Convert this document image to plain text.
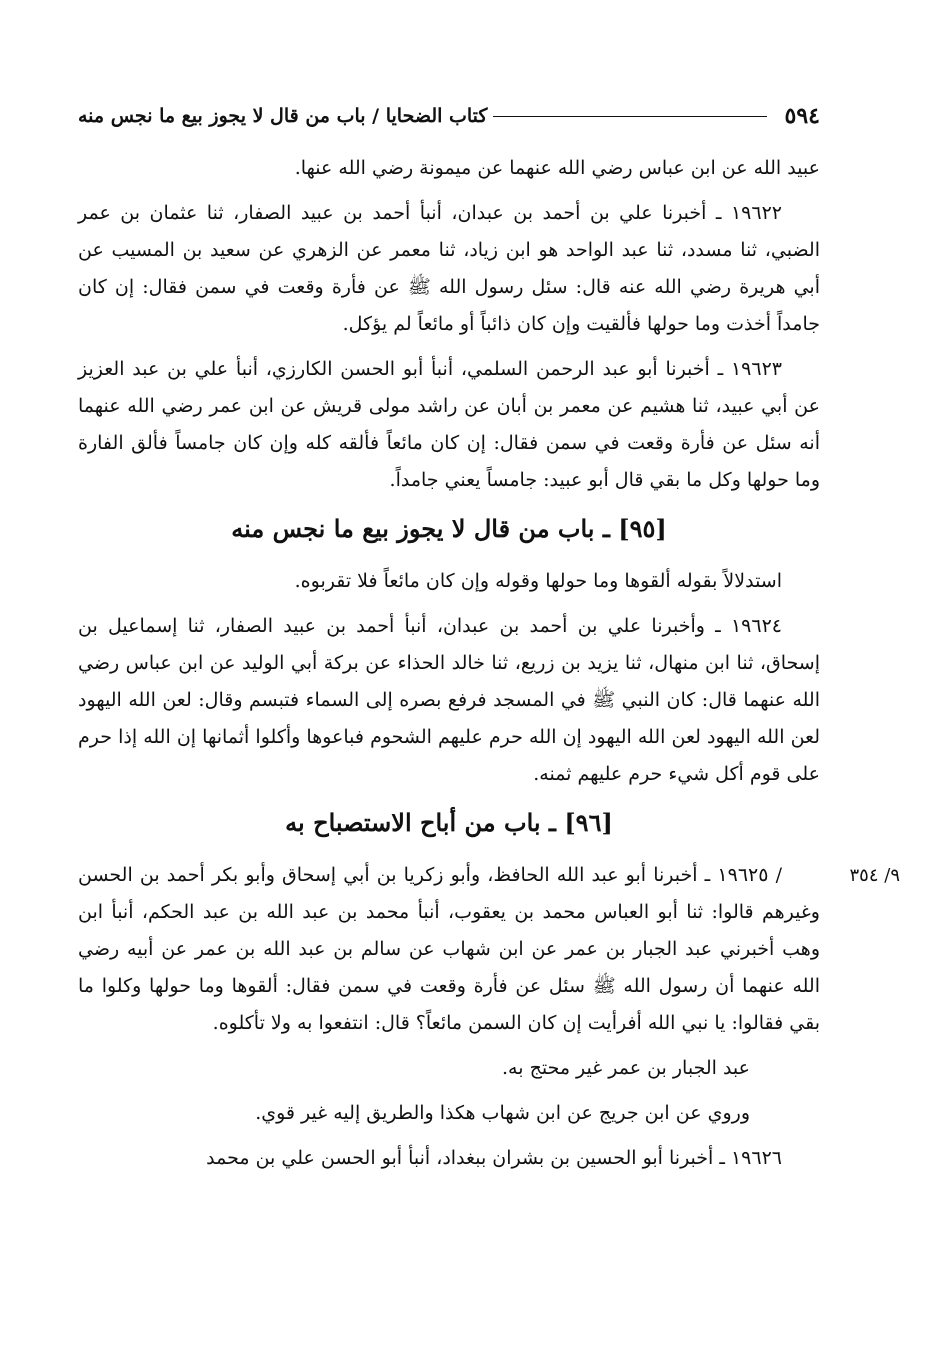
٥٩٤
كتاب الضحايا / باب من قال لا يجوز بيع ما نجس منه

عبيد الله عن ابن عباس رضي الله عنهما عن ميمونة رضي الله عنها.

١٩٦٢٢ ـ أخبرنا علي بن أحمد بن عبدان، أنبأ أحمد بن عبيد الصفار، ثنا عثمان بن عمر الضبي، ثنا مسدد، ثنا عبد الواحد هو ابن زياد، ثنا معمر عن الزهري عن سعيد بن المسيب عن أبي هريرة رضي الله عنه قال: سئل رسول الله ﷺ عن فأرة وقعت في سمن فقال: إن كان جامداً أخذت وما حولها فألقيت وإن كان ذائباً أو مائعاً لم يؤكل.

١٩٦٢٣ ـ أخبرنا أبو عبد الرحمن السلمي، أنبأ أبو الحسن الكارزي، أنبأ علي بن عبد العزيز عن أبي عبيد، ثنا هشيم عن معمر بن أبان عن راشد مولى قريش عن ابن عمر رضي الله عنهما أنه سئل عن فأرة وقعت في سمن فقال: إن كان مائعاً فألقه كله وإن كان جامساً فألق الفارة وما حولها وكل ما بقي قال أبو عبيد: جامساً يعني جامداً.

[٩٥] ـ باب من قال لا يجوز بيع ما نجس منه

استدلالاً بقوله ألقوها وما حولها وقوله وإن كان مائعاً فلا تقربوه.

١٩٦٢٤ ـ وأخبرنا علي بن أحمد بن عبدان، أنبأ أحمد بن عبيد الصفار، ثنا إسماعيل بن إسحاق، ثنا ابن منهال، ثنا يزيد بن زريع، ثنا خالد الحذاء عن بركة أبي الوليد عن ابن عباس رضي الله عنهما قال: كان النبي ﷺ في المسجد فرفع بصره إلى السماء فتبسم وقال: لعن الله اليهود لعن الله اليهود لعن الله اليهود إن الله حرم عليهم الشحوم فباعوها وأكلوا أثمانها إن الله إذا حرم على قوم أكل شيء حرم عليهم ثمنه.

[٩٦] ـ باب من أباح الاستصباح به
٩/ ٣٥٤

/ ١٩٦٢٥ ـ أخبرنا أبو عبد الله الحافظ، وأبو زكريا بن أبي إسحاق وأبو بكر أحمد بن الحسن وغيرهم قالوا: ثنا أبو العباس محمد بن يعقوب، أنبأ محمد بن عبد الله بن عبد الحكم، أنبأ ابن وهب أخبرني عبد الجبار بن عمر عن ابن شهاب عن سالم بن عبد الله بن عمر عن أبيه رضي الله عنهما أن رسول الله ﷺ سئل عن فأرة وقعت في سمن فقال: ألقوها وما حولها وكلوا ما بقي فقالوا: يا نبي الله أفرأيت إن كان السمن مائعاً؟ قال: انتفعوا به ولا تأكلوه.

عبد الجبار بن عمر غير محتج به.

وروي عن ابن جريج عن ابن شهاب هكذا والطريق إليه غير قوي.

١٩٦٢٦ ـ أخبرنا أبو الحسين بن بشران ببغداد، أنبأ أبو الحسن علي بن محمد
